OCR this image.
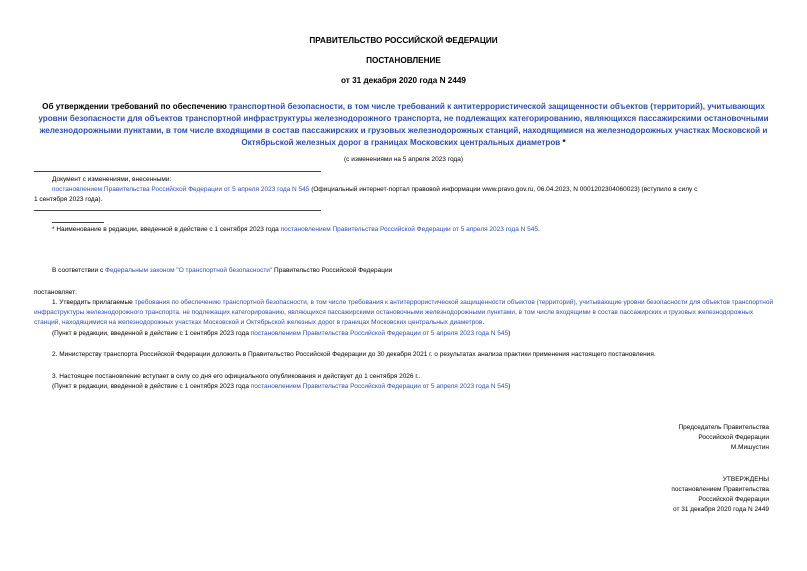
ПРАВИТЕЛЬСТВО РОССИЙСКОЙ ФЕДЕРАЦИИ
ПОСТАНОВЛЕНИЕ
от 31 декабря 2020 года N 2449
Об утверждении требований по обеспечению транспортной безопасности, в том числе требований к антитеррористической защищенности объектов (территорий), учитывающих уровни безопасности для объектов транспортной инфраструктуры железнодорожного транспорта, не подлежащих категорированию, являющихся пассажирскими остановочными железнодорожными пунктами, в том числе входящими в состав пассажирских и грузовых железнодорожных станций, находящимися на железнодорожных участках Московской и Октябрьской железных дорог в границах Московских центральных диаметров *
(с изменениями на 5 апреля 2023 года)
Документ с изменениями, внесенными:
постановлением Правительства Российской Федерации от 5 апреля 2023 года N 545 (Официальный интернет-портал правовой информации www.pravo.gov.ru, 06.04.2023, N 0001202304060023) (вступило в силу с
1 сентября 2023 года).
* Наименование в редакции, введенной в действие с 1 сентября 2023 года постановлением Правительства Российской Федерации от 5 апреля 2023 года N 545.
В соответствии с Федеральным законом "О транспортной безопасности" Правительство Российской Федерации
постановляет:
1. Утвердить прилагаемые требования по обеспечению транспортной безопасности, в том числе требования к антитеррористической защищенности объектов (территорий), учитывающие уровни безопасности для объектов транспортной инфраструктуры железнодорожного транспорта, не подлежащих категорированию, являющихся пассажирскими остановочными железнодорожными пунктами, в том числе входящими в состав пассажирских и грузовых железнодорожных станций, находящимися на железнодорожных участках Московской и Октябрьской железных дорог в границах Московских центральных диаметров.
(Пункт в редакции, введенной в действие с 1 сентября 2023 года постановлением Правительства Российской Федерации от 5 апреля 2023 года N 545)
2. Министерству транспорта Российской Федерации доложить в Правительство Российской Федерации до 30 декабря 2021 г. о результатах анализа практики применения настоящего постановления.
3. Настоящее постановление вступает в силу со дня его официального опубликования и действует до 1 сентября 2026 г..
(Пункт в редакции, введенной в действие с 1 сентября 2023 года постановлением Правительства Российской Федерации от 5 апреля 2023 года N 545)
Председатель Правительства
Российской Федерации
М.Мишустин
УТВЕРЖДЕНЫ
постановлением Правительства
Российской Федерации
от 31 декабря 2020 года N 2449
